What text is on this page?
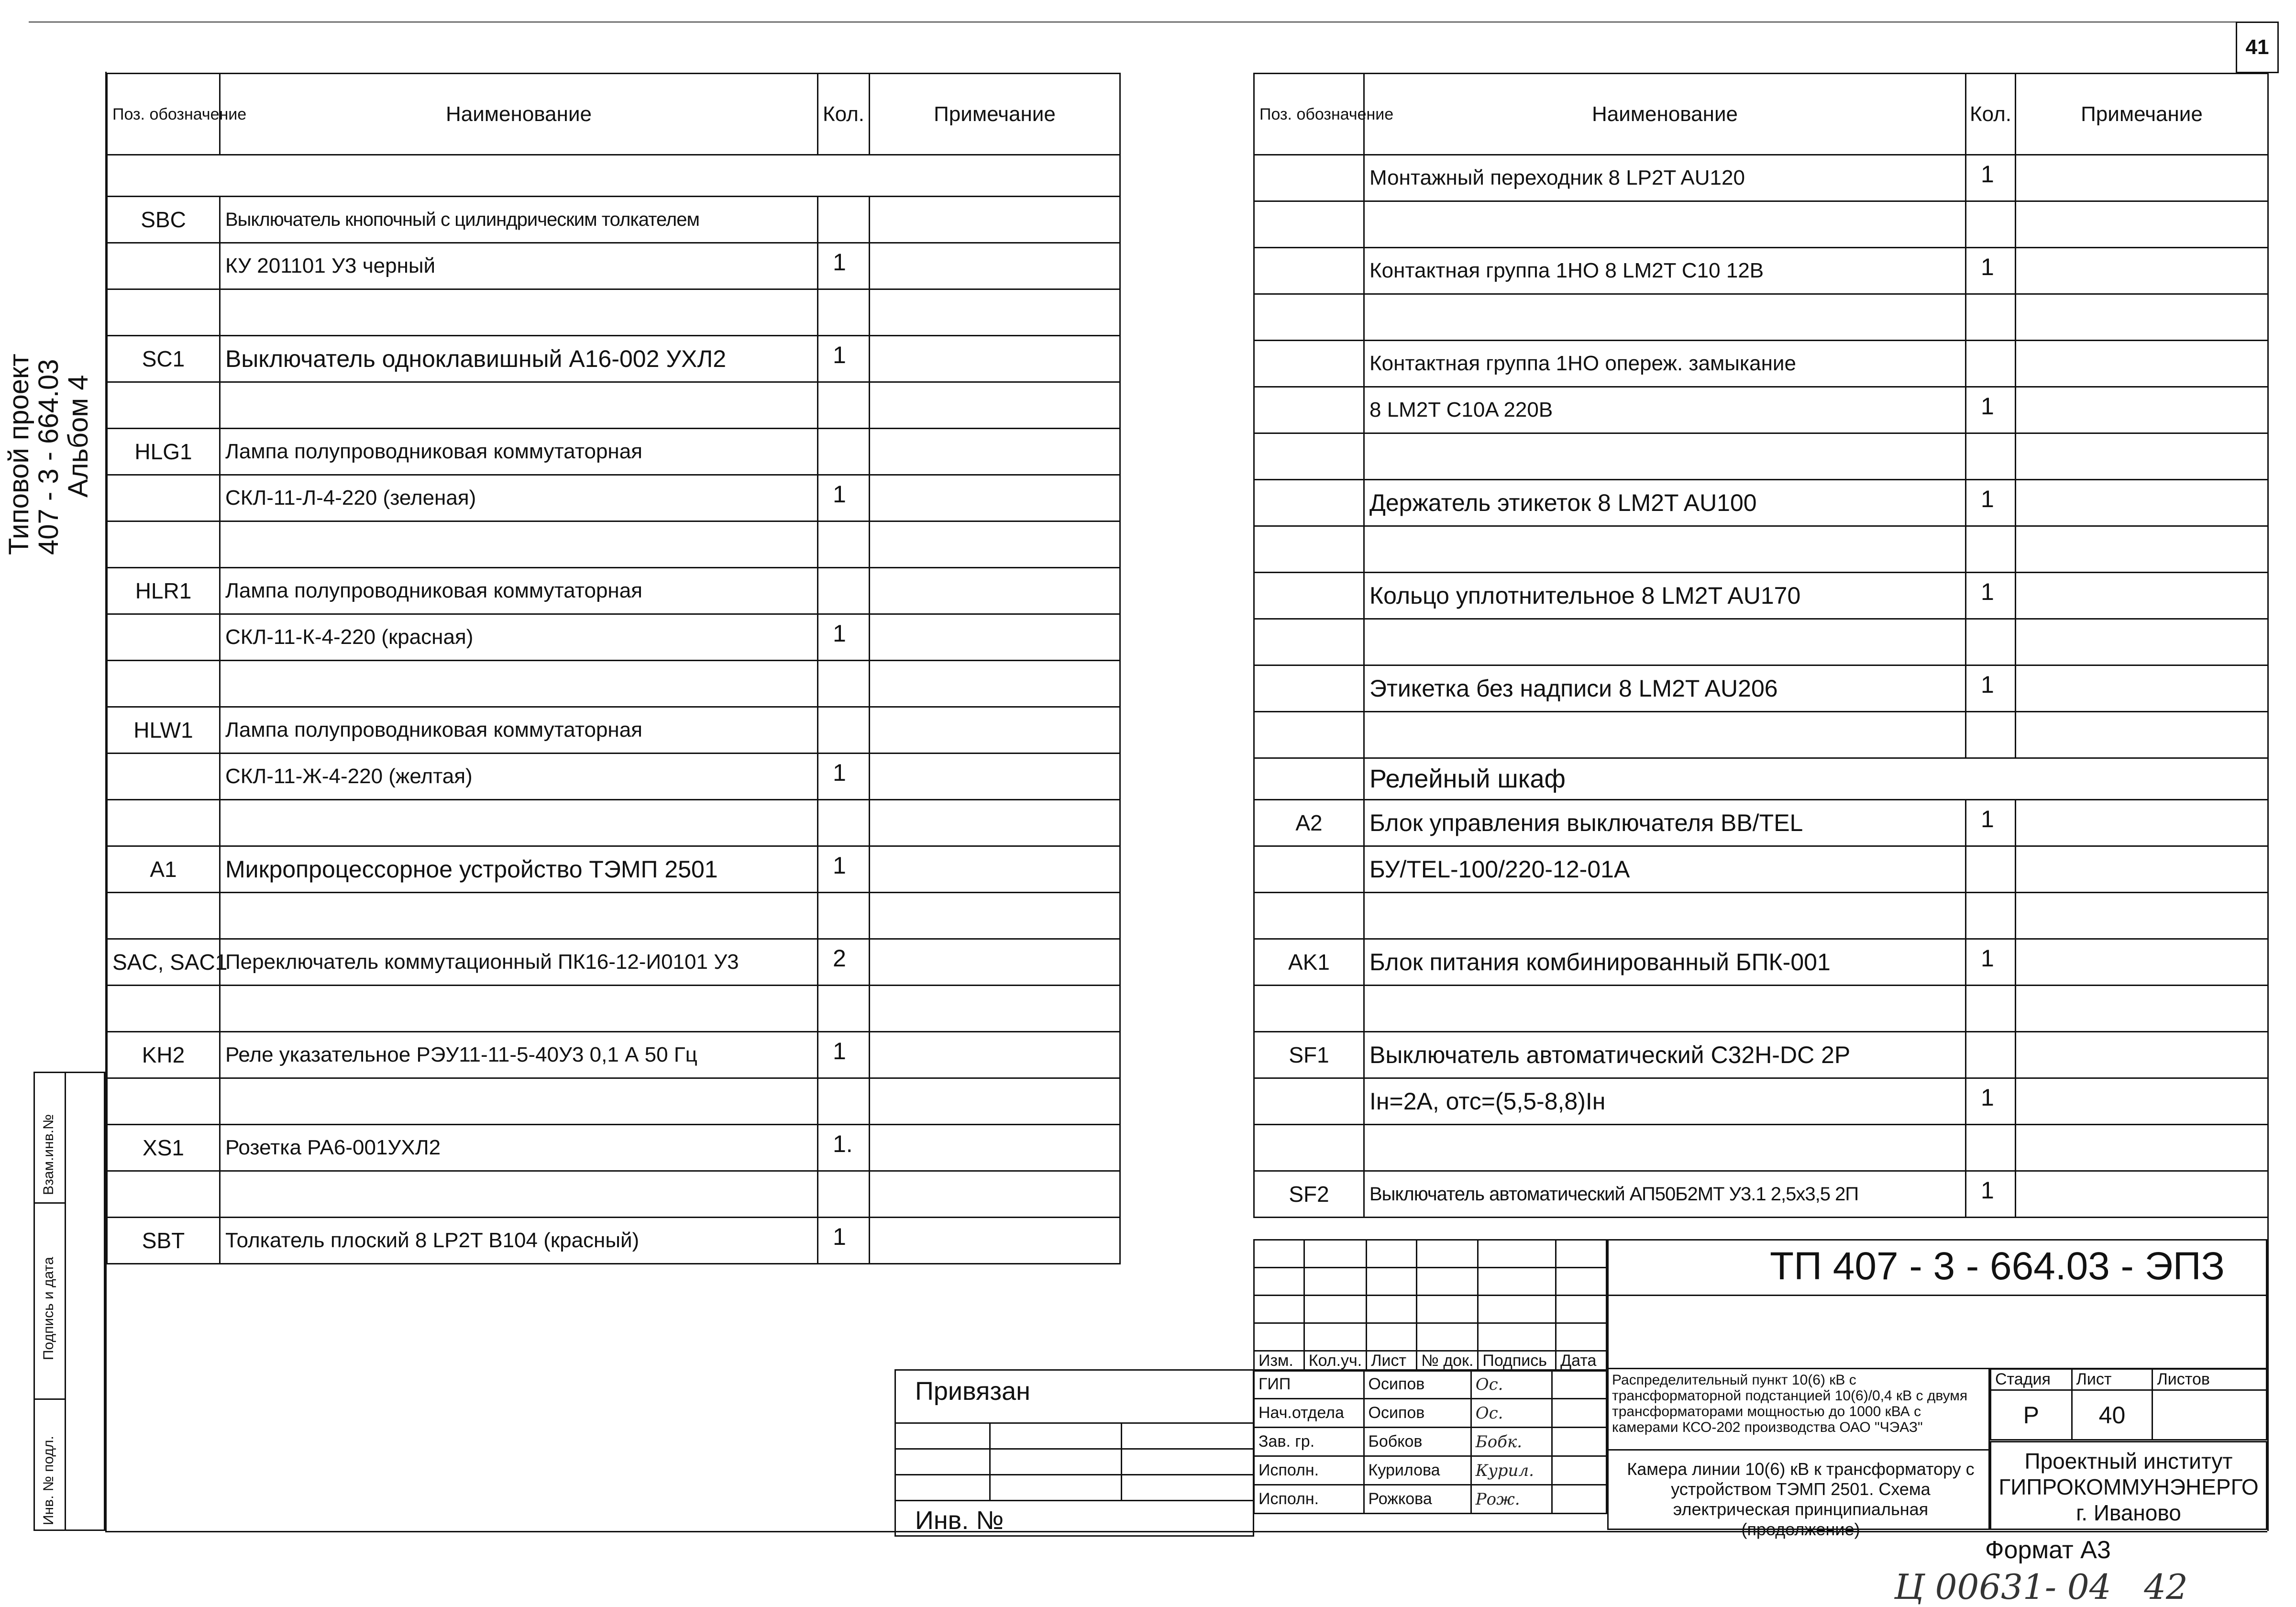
41
Типовой проект
407 - 3 - 664.03
Альбом 4
Взам.инв.№
Подпись и дата
Инв. № подл.
Поз. обозначение	Наименование	Кол.	Примечание

SBC	Выключатель кнопочный с цилиндрическим толкателем		
	КУ 201101 У3 черный	1	

SC1	Выключатель одноклавишный А16-002 УХЛ2	1	

HLG1	Лампа полупроводниковая коммутаторная		
	СКЛ-11-Л-4-220 (зеленая)	1	

HLR1	Лампа полупроводниковая коммутаторная		
	СКЛ-11-К-4-220 (красная)	1	

HLW1	Лампа полупроводниковая коммутаторная		
	СКЛ-11-Ж-4-220 (желтая)	1	

A1	Микропроцессорное устройство ТЭМП 2501	1	

SAC, SAC1	Переключатель коммутационный ПК16-12-И0101 У3	2	

KH2	Реле указательное РЭУ11-11-5-40У3 0,1 А 50 Гц	1	

XS1	Розетка РА6-001УХЛ2	1.	

SBT	Толкатель плоский 8 LP2T B104 (красный)	1	
Поз. обозначение	Наименование	Кол.	Примечание
	Монтажный переходник 8 LP2T AU120	1	

	Контактная группа 1НО 8 LM2T C10 12В	1	

	Контактная группа 1НО опереж. замыкание		
	8 LM2T C10A 220В	1	

	Держатель этикеток 8 LM2T AU100	1	

	Кольцо уплотнительное 8 LM2T AU170	1	

	Этикетка без надписи 8 LM2T AU206	1	

	Релейный шкаф		
A2	Блок управления выключателя ВВ/TEL	1	
	БУ/TEL-100/220-12-01А		

AK1	Блок питания комбинированный БПК-001	1	

SF1	Выключатель автоматический С32Н-DC 2P		
	Iн=2А, отс=(5,5-8,8)Iн	1	

SF2	Выключатель автоматический АП50Б2МТ У3.1 2,5х3,5 2П	1	

Изм.	Кол.уч.	Лист	№ док.	Подпись	Дата
ГИП	Осипов	Ос.	
Нач.отдела	Осипов	Ос.	
Зав. гр.	Бобков	Бобк.	
Исполн.	Курилова	Курил.	
Исполн.	Рожкова	Рож.	
ТП 407 - 3 - 664.03 - ЭПЗ
Распределительный пункт 10(6) кВ с трансформаторной подстанцией 10(6)/0,4 кВ с двумя трансформаторами мощностью до 1000 кВА с камерами КСО-202 производства ОАО "ЧЭАЗ"
Камера линии 10(6) кВ к трансформатору с устройством ТЭМП 2501. Схема электрическая принципиальная (продолжение)
Стадия	Лист	Листов
Р	40	
Проектный институт
ГИПРОКОММУНЭНЕРГО
г. Иваново
Привязан
Инв. №
Формат А3
Ц 00631- 04   42
